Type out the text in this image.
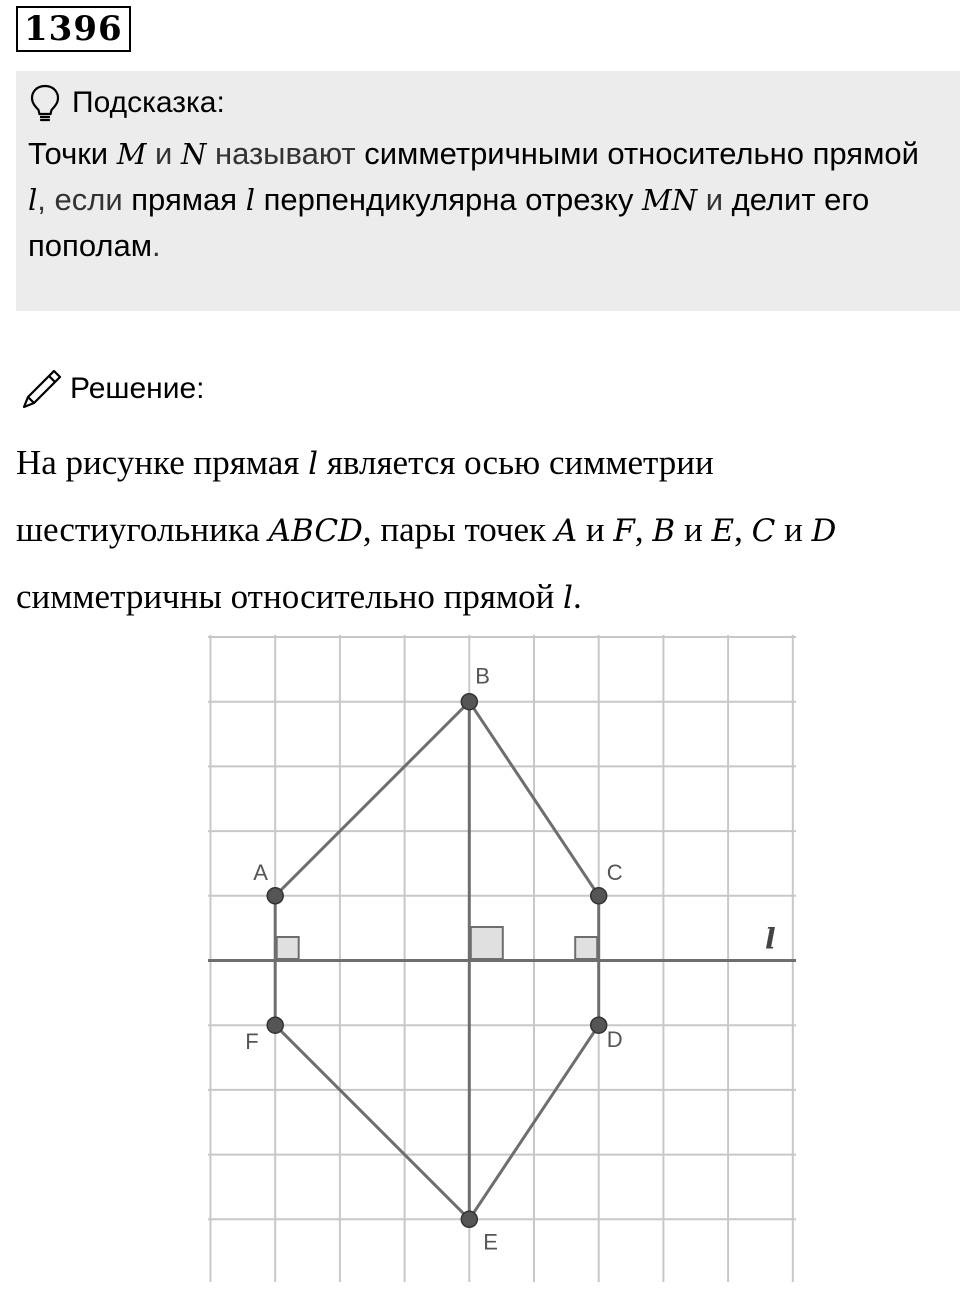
1396
Подсказка:
Точки M и N называют симметричными относительно прямой l, если прямая l перпендикулярна отрезку MN и делит его пополам.
Решение:
На рисунке прямая l является осью симметрии шестиугольника ABCD, пары точек A и F, B и E, C и D симметричны относительно прямой l.
A
B
C
D
E
F
l
